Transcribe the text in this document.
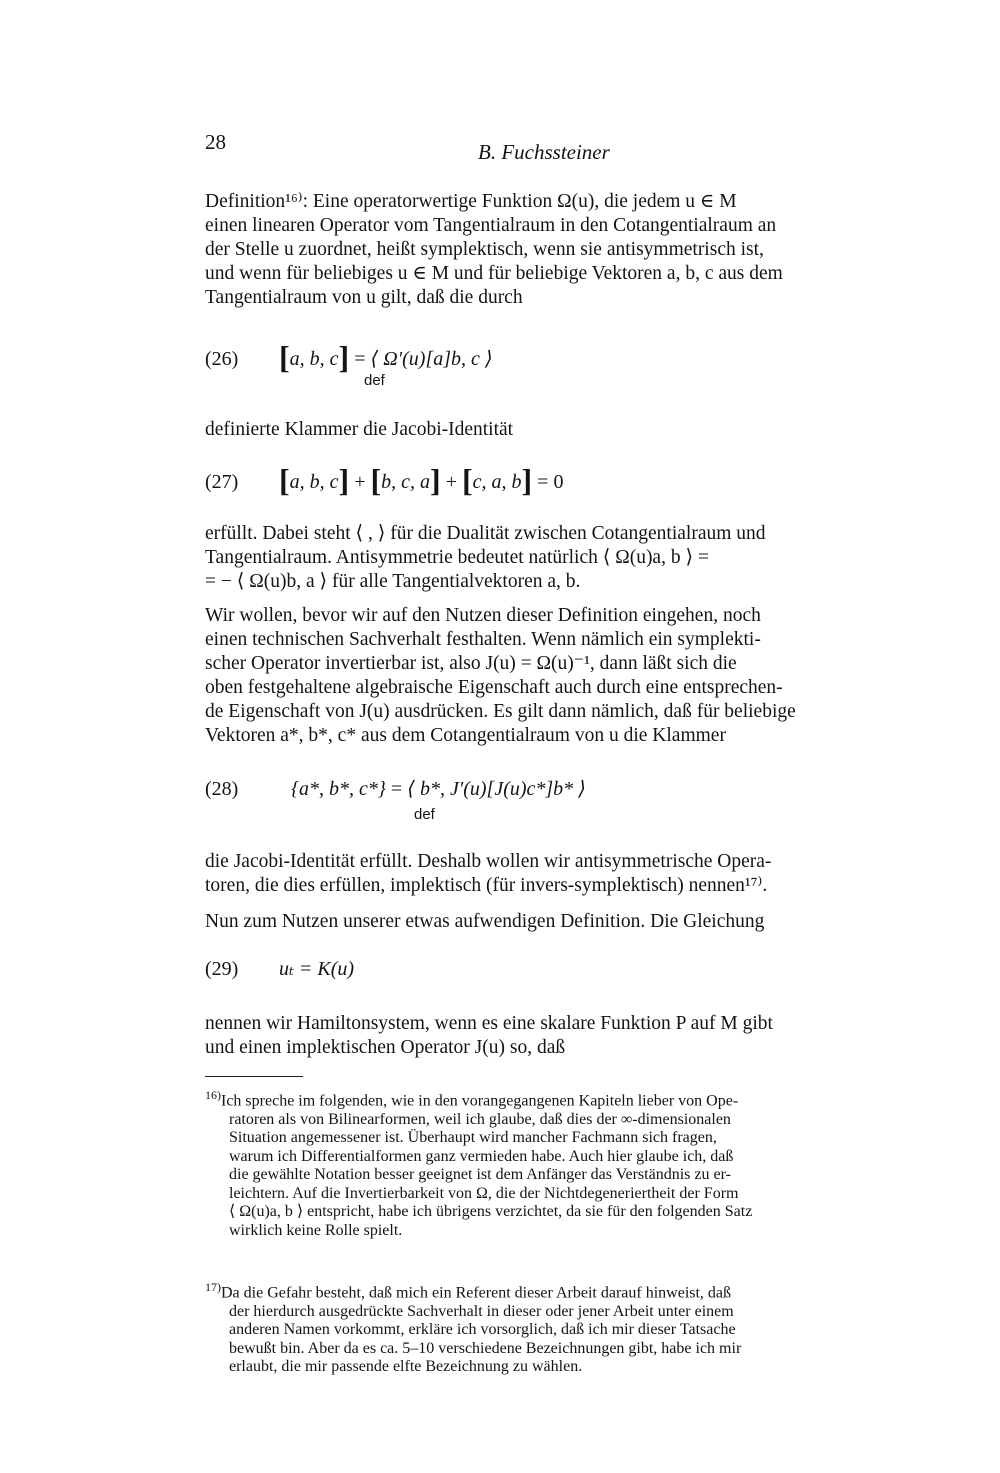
28	B. Fuchssteiner
Definition¹⁶⁾: Eine operatorwertige Funktion Ω(u), die jedem u ∈ M
einen linearen Operator vom Tangentialraum in den Cotangentialraum an
der Stelle u zuordnet, heißt symplektisch, wenn sie antisymmetrisch ist,
und wenn für beliebiges u ∈ M und für beliebige Vektoren a, b, c aus dem
Tangentialraum von u gilt, daß die durch
(26) [a, b, c] = ⟨ Ω′(u)[a]b, c ⟩
def
definierte Klammer die Jacobi-Identität
(27) [a, b, c] + [b, c, a] + [c, a, b] = 0
erfüllt. Dabei steht ⟨ , ⟩ für die Dualität zwischen Cotangentialraum und
Tangentialraum. Antisymmetrie bedeutet natürlich ⟨ Ω(u)a, b ⟩ =
= − ⟨ Ω(u)b, a ⟩ für alle Tangentialvektoren a, b.
Wir wollen, bevor wir auf den Nutzen dieser Definition eingehen, noch
einen technischen Sachverhalt festhalten. Wenn nämlich ein symplekti-
scher Operator invertierbar ist, also J(u) = Ω(u)⁻¹, dann läßt sich die
oben festgehaltene algebraische Eigenschaft auch durch eine entsprechen-
de Eigenschaft von J(u) ausdrücken. Es gilt dann nämlich, daß für beliebige
Vektoren a*, b*, c* aus dem Cotangentialraum von u die Klammer
(28)	{a*, b*, c*} = ⟨ b*, J′(u)[J(u)c*]b* ⟩
def
die Jacobi-Identität erfüllt. Deshalb wollen wir antisymmetrische Opera-
toren, die dies erfüllen, implektisch (für invers-symplektisch) nennen¹⁷⁾.
Nun zum Nutzen unserer etwas aufwendigen Definition. Die Gleichung
(29) uₜ = K(u)
nennen wir Hamiltonsystem, wenn es eine skalare Funktion P auf M gibt
und einen implektischen Operator J(u) so, daß
$^{16)}$Ich spreche im folgenden, wie in den vorangegangenen Kapiteln lieber von Ope-
ratoren als von Bilinearformen, weil ich glaube, daß dies der ∞-dimensionalen
Situation angemessener ist. Überhaupt wird mancher Fachmann sich fragen,
warum ich Differentialformen ganz vermieden habe. Auch hier glaube ich, daß
die gewählte Notation besser geeignet ist dem Anfänger das Verständnis zu er-
leichtern. Auf die Invertierbarkeit von Ω, die der Nichtdegeneriertheit der Form
⟨ Ω(u)a, b ⟩ entspricht, habe ich übrigens verzichtet, da sie für den folgenden Satz
wirklich keine Rolle spielt.
$^{17)}$Da die Gefahr besteht, daß mich ein Referent dieser Arbeit darauf hinweist, daß
der hierdurch ausgedrückte Sachverhalt in dieser oder jener Arbeit unter einem
anderen Namen vorkommt, erkläre ich vorsorglich, daß ich mir dieser Tatsache
bewußt bin. Aber da es ca. 5–10 verschiedene Bezeichnungen gibt, habe ich mir
erlaubt, die mir passende elfte Bezeichnung zu wählen.
